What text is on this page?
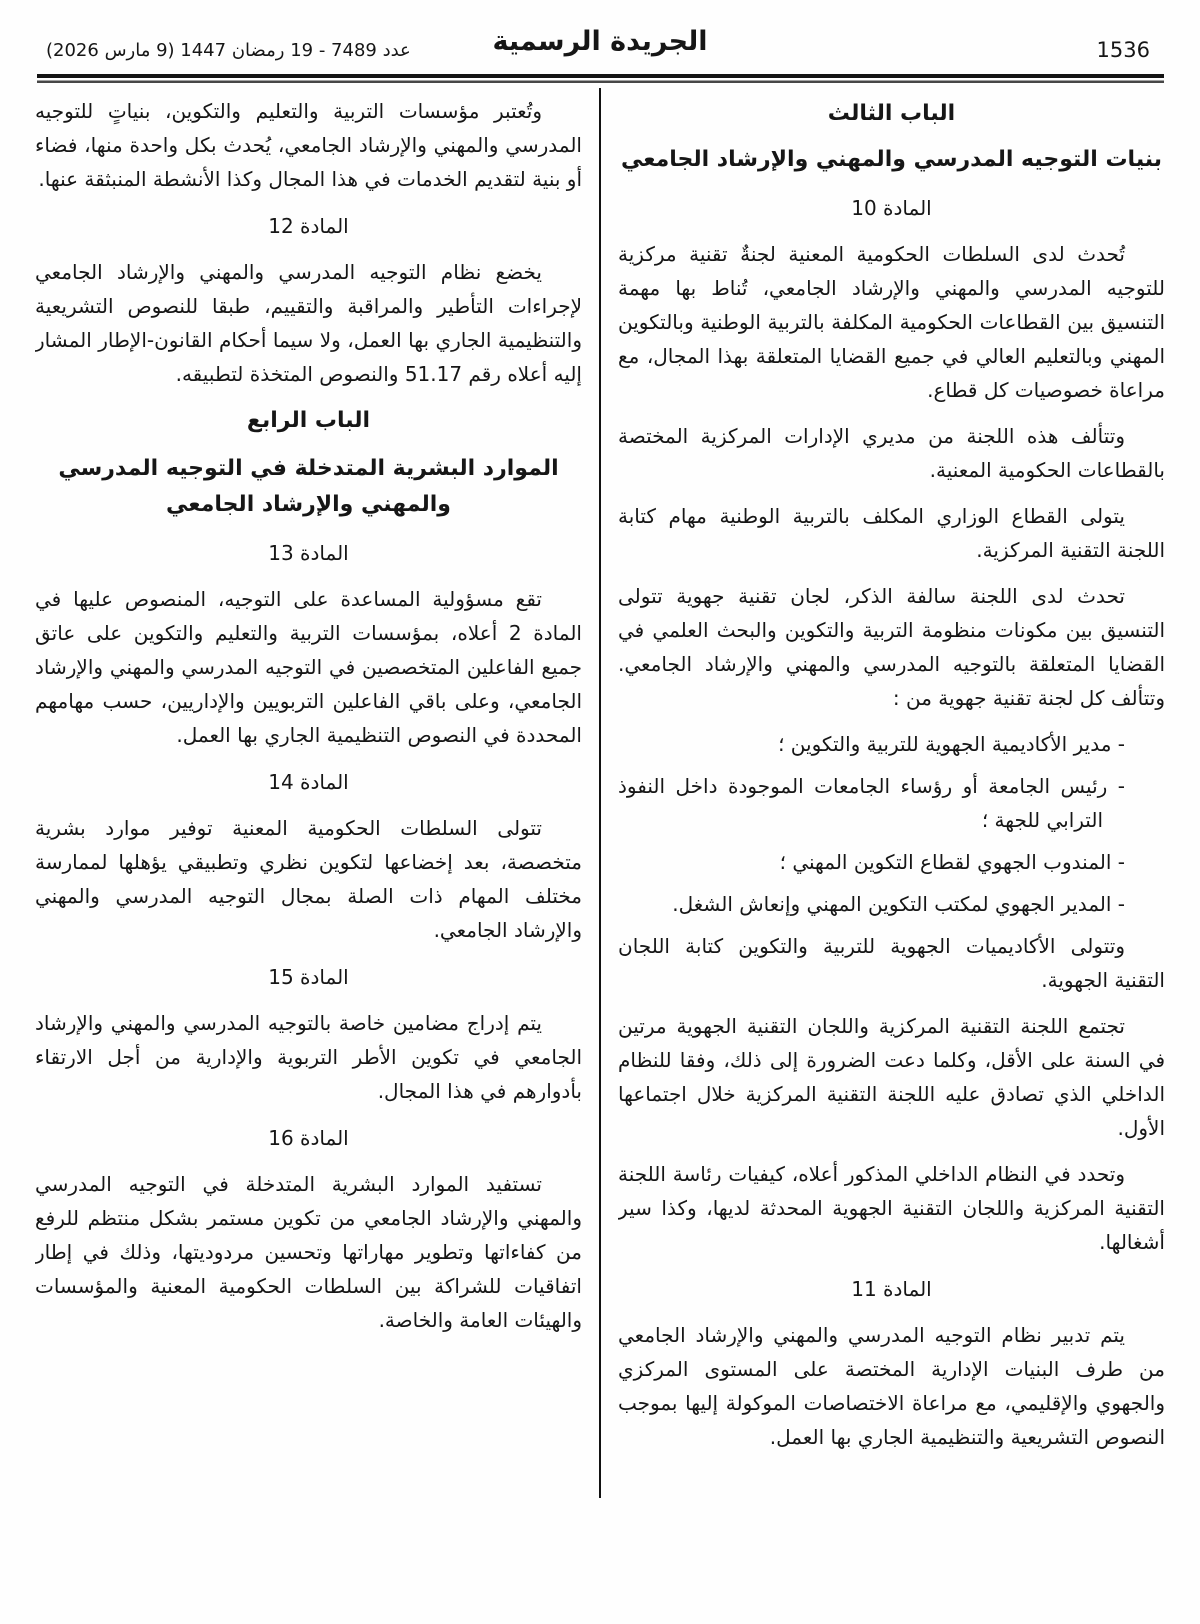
عدد 7489 ‏- 19 رمضان 1447 (9 مارس 2026)	الجريدة الرسمية	1536
الباب الثالث
بنيات التوجيه المدرسي والمهني والإرشاد الجامعي
المادة 10

تُحدث لدى السلطات الحكومية المعنية لجنةٌ تقنية مركزية للتوجيه المدرسي والمهني والإرشاد الجامعي، تُناط بها مهمة التنسيق بين القطاعات الحكومية المكلفة بالتربية الوطنية وبالتكوين المهني وبالتعليم العالي في جميع القضايا المتعلقة بهذا المجال، مع مراعاة خصوصيات كل قطاع.

وتتألف هذه اللجنة من مديري الإدارات المركزية المختصة بالقطاعات الحكومية المعنية.

يتولى القطاع الوزاري المكلف بالتربية الوطنية مهام كتابة اللجنة التقنية المركزية.

تحدث لدى اللجنة سالفة الذكر، لجان تقنية جهوية تتولى التنسيق بين مكونات منظومة التربية والتكوين والبحث العلمي في القضايا المتعلقة بالتوجيه المدرسي والمهني والإرشاد الجامعي. وتتألف كل لجنة تقنية جهوية من :

- مدير الأكاديمية الجهوية للتربية والتكوين ؛

- رئيس الجامعة أو رؤساء الجامعات الموجودة داخل النفوذ الترابي للجهة ؛

- المندوب الجهوي لقطاع التكوين المهني ؛

- المدير الجهوي لمكتب التكوين المهني وإنعاش الشغل.

وتتولى الأكاديميات الجهوية للتربية والتكوين كتابة اللجان التقنية الجهوية.

تجتمع اللجنة التقنية المركزية واللجان التقنية الجهوية مرتين في السنة على الأقل، وكلما دعت الضرورة إلى ذلك، وفقا للنظام الداخلي الذي تصادق عليه اللجنة التقنية المركزية خلال اجتماعها الأول.

وتحدد في النظام الداخلي المذكور أعلاه، كيفيات رئاسة اللجنة التقنية المركزية واللجان التقنية الجهوية المحدثة لديها، وكذا سير أشغالها.

المادة 11

يتم تدبير نظام التوجيه المدرسي والمهني والإرشاد الجامعي من طرف البنيات الإدارية المختصة على المستوى المركزي والجهوي والإقليمي، مع مراعاة الاختصاصات الموكولة إليها بموجب النصوص التشريعية والتنظيمية الجاري بها العمل.

وتُعتبر مؤسسات التربية والتعليم والتكوين، بنياتٍ للتوجيه المدرسي والمهني والإرشاد الجامعي، يُحدث بكل واحدة منها، فضاء أو بنية لتقديم الخدمات في هذا المجال وكذا الأنشطة المنبثقة عنها.

المادة 12

يخضع نظام التوجيه المدرسي والمهني والإرشاد الجامعي لإجراءات التأطير والمراقبة والتقييم، طبقا للنصوص التشريعية والتنظيمية الجاري بها العمل، ولا سيما أحكام القانون-الإطار المشار إليه أعلاه رقم 51.17 والنصوص المتخذة لتطبيقه.

الباب الرابع
الموارد البشرية المتدخلة في التوجيه المدرسي والمهني والإرشاد الجامعي
المادة 13

تقع مسؤولية المساعدة على التوجيه، المنصوص عليها في المادة 2 أعلاه، بمؤسسات التربية والتعليم والتكوين على عاتق جميع الفاعلين المتخصصين في التوجيه المدرسي والمهني والإرشاد الجامعي، وعلى باقي الفاعلين التربويين والإداريين، حسب مهامهم المحددة في النصوص التنظيمية الجاري بها العمل.

المادة 14

تتولى السلطات الحكومية المعنية توفير موارد بشرية متخصصة، بعد إخضاعها لتكوين نظري وتطبيقي يؤهلها لممارسة مختلف المهام ذات الصلة بمجال التوجيه المدرسي والمهني والإرشاد الجامعي.

المادة 15

يتم إدراج مضامين خاصة بالتوجيه المدرسي والمهني والإرشاد الجامعي في تكوين الأطر التربوية والإدارية من أجل الارتقاء بأدوارهم في هذا المجال.

المادة 16

تستفيد الموارد البشرية المتدخلة في التوجيه المدرسي والمهني والإرشاد الجامعي من تكوين مستمر بشكل منتظم للرفع من كفاءاتها وتطوير مهاراتها وتحسين مردوديتها، وذلك في إطار اتفاقيات للشراكة بين السلطات الحكومية المعنية والمؤسسات والهيئات العامة والخاصة.
